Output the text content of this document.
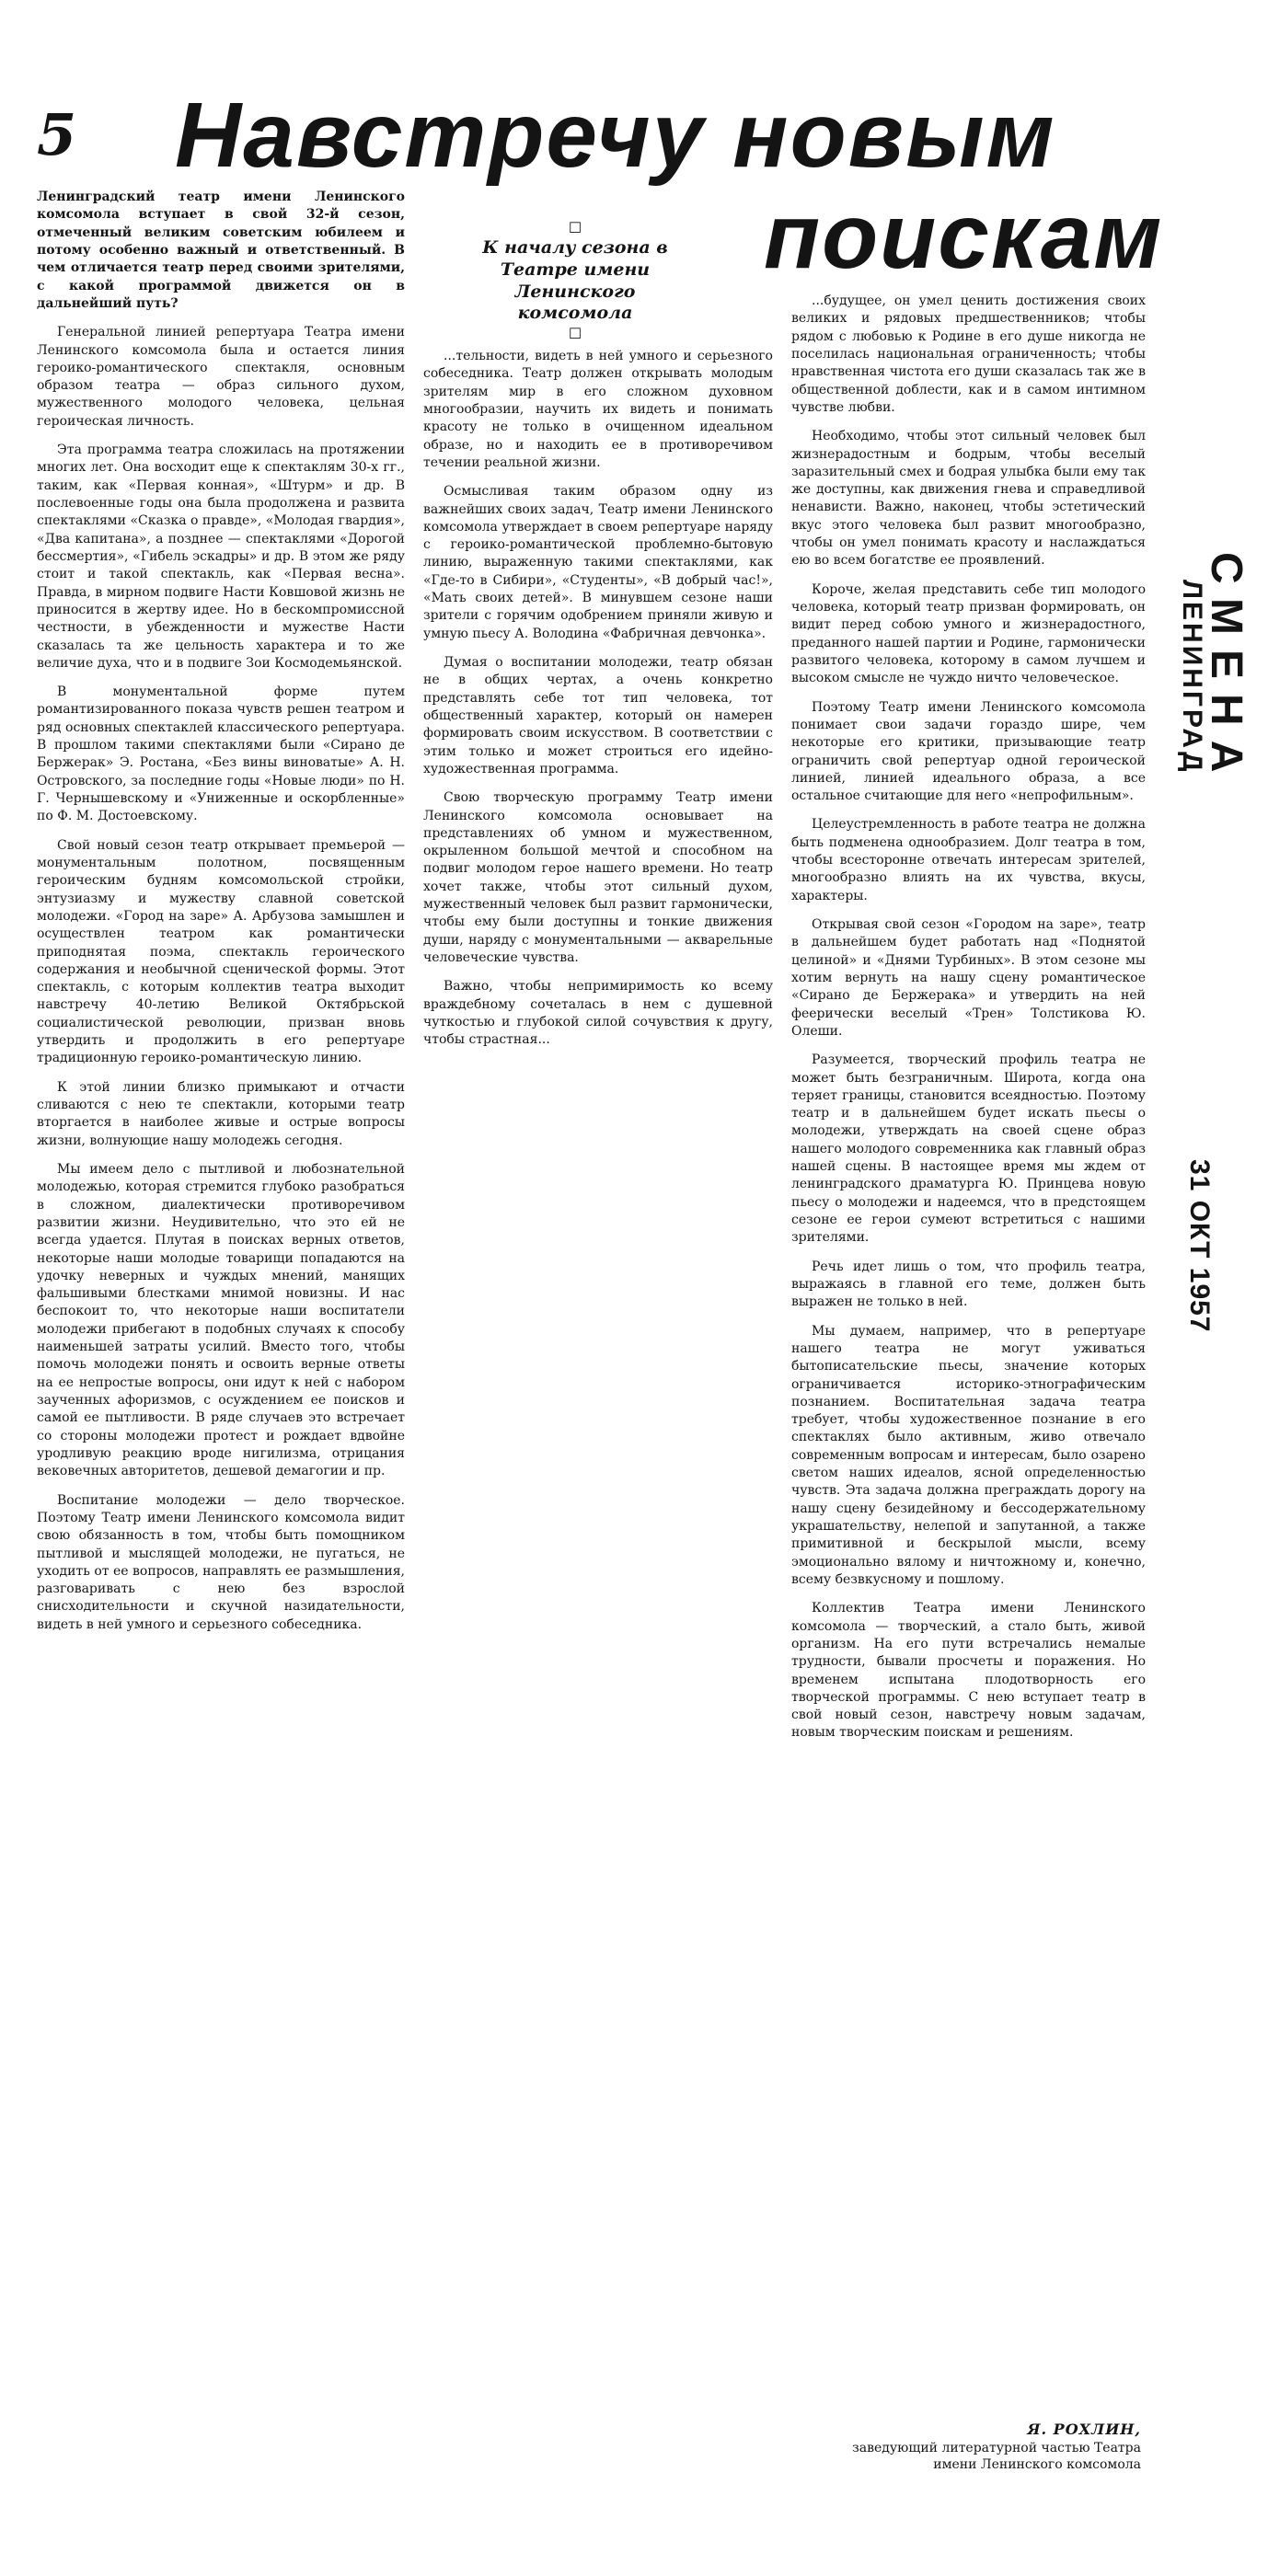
5 Навстречу новым
поискам
☐
К началу сезона в Театре имени Ленинского комсомола
☐

Ленинградский театр имени Ленинского комсомола вступает в свой 32-й сезон, отмеченный великим советским юбилеем и потому особенно важный и ответственный. В чем отличается театр перед своими зрителями, с какой программой движется он в дальнейший путь?

Генеральной линией репертуара Театра имени Ленинского комсомола была и остается линия героико-романтического спектакля, основным образом театра — образ сильного духом, мужественного молодого человека, цельная героическая личность.

Эта программа театра сложилась на протяжении многих лет. Она восходит еще к спектаклям 30-х гг., таким, как «Первая конная», «Штурм» и др. В послевоенные годы она была продолжена и развита спектаклями «Сказка о правде», «Молодая гвардия», «Два капитана», а позднее — спектаклями «Дорогой бессмертия», «Гибель эскадры» и др. В этом же ряду стоит и такой спектакль, как «Первая весна». Правда, в мирном подвиге Насти Ковшовой жизнь не приносится в жертву идее. Но в бескомпромиссной честности, в убежденности и мужестве Насти сказалась та же цельность характера и то же величие духа, что и в подвиге Зои Космодемьянской.

В монументальной форме путем романтизированного показа чувств решен театром и ряд основных спектаклей классического репертуара. В прошлом такими спектаклями были «Сирано де Бержерак» Э. Ростана, «Без вины виноватые» А. Н. Островского, за последние годы «Новые люди» по Н. Г. Чернышевскому и «Униженные и оскорбленные» по Ф. М. Достоевскому.

Свой новый сезон театр открывает премьерой — монументальным полотном, посвященным героическим будням комсомольской стройки, энтузиазму и мужеству славной советской молодежи. «Город на заре» А. Арбузова замышлен и осуществлен театром как романтически приподнятая поэма, спектакль героического содержания и необычной сценической формы. Этот спектакль, с которым коллектив театра выходит навстречу 40-летию Великой Октябрьской социалистической революции, призван вновь утвердить и продолжить в его репертуаре традиционную героико-романтическую линию.

К этой линии близко примыкают и отчасти сливаются с нею те спектакли, которыми театр вторгается в наиболее живые и острые вопросы жизни, волнующие нашу молодежь сегодня.

Мы имеем дело с пытливой и любознательной молодежью, которая стремится глубоко разобраться в сложном, диалектически противоречивом развитии жизни. Неудивительно, что это ей не всегда удается. Плутая в поисках верных ответов, некоторые наши молодые товарищи попадаются на удочку неверных и чуждых мнений, манящих фальшивыми блестками мнимой новизны. И нас беспокоит то, что некоторые наши воспитатели молодежи прибегают в подобных случаях к способу наименьшей затраты усилий. Вместо того, чтобы помочь молодежи понять и освоить верные ответы на ее непростые вопросы, они идут к ней с набором заученных афоризмов, с осуждением ее поисков и самой ее пытливости. В ряде случаев это встречает со стороны молодежи протест и рождает вдвойне уродливую реакцию вроде нигилизма, отрицания вековечных авторитетов, дешевой демагогии и пр.

Воспитание молодежи — дело творческое. Поэтому Театр имени Ленинского комсомола видит свою обязанность в том, чтобы быть помощником пытливой и мыслящей молодежи, не пугаться, не уходить от ее вопросов, направлять ее размышления, разговаривать с нею без взрослой снисходительности и скучной назидательности, видеть в ней умного и серьезного собеседника.

...тельности, видеть в ней умного и серьезного собеседника. Театр должен открывать молодым зрителям мир в его сложном духовном многообразии, научить их видеть и понимать красоту не только в очищенном идеальном образе, но и находить ее в противоречивом течении реальной жизни.

Осмысливая таким образом одну из важнейших своих задач, Театр имени Ленинского комсомола утверждает в своем репертуаре наряду с героико-романтической проблемно-бытовую линию, выраженную такими спектаклями, как «Где-то в Сибири», «Студенты», «В добрый час!», «Мать своих детей». В минувшем сезоне наши зрители с горячим одобрением приняли живую и умную пьесу А. Володина «Фабричная девчонка».

Думая о воспитании молодежи, театр обязан не в общих чертах, а очень конкретно представлять себе тот тип человека, тот общественный характер, который он намерен формировать своим искусством. В соответствии с этим только и может строиться его идейно-художественная программа.

Свою творческую программу Театр имени Ленинского комсомола основывает на представлениях об умном и мужественном, окрыленном большой мечтой и способном на подвиг молодом герое нашего времени. Но театр хочет также, чтобы этот сильный духом, мужественный человек был развит гармонически, чтобы ему были доступны и тонкие движения души, наряду с монументальными — акварельные человеческие чувства.

Важно, чтобы непримиримость ко всему враждебному сочеталась в нем с душевной чуткостью и глубокой силой сочувствия к другу, чтобы страстная...

...будущее, он умел ценить достижения своих великих и рядовых предшественников; чтобы рядом с любовью к Родине в его душе никогда не поселилась национальная ограниченность; чтобы нравственная чистота его души сказалась так же в общественной доблести, как и в самом интимном чувстве любви.

Необходимо, чтобы этот сильный человек был жизнерадостным и бодрым, чтобы веселый заразительный смех и бодрая улыбка были ему так же доступны, как движения гнева и справедливой ненависти. Важно, наконец, чтобы эстетический вкус этого человека был развит многообразно, чтобы он умел понимать красоту и наслаждаться ею во всем богатстве ее проявлений.

Короче, желая представить себе тип молодого человека, который театр призван формировать, он видит перед собою умного и жизнерадостного, преданного нашей партии и Родине, гармонически развитого человека, которому в самом лучшем и высоком смысле не чуждо ничто человеческое.

Поэтому Театр имени Ленинского комсомола понимает свои задачи гораздо шире, чем некоторые его критики, призывающие театр ограничить свой репертуар одной героической линией, линией идеального образа, а все остальное считающие для него «непрофильным».

Целеустремленность в работе театра не должна быть подменена однообразием. Долг театра в том, чтобы всесторонне отвечать интересам зрителей, многообразно влиять на их чувства, вкусы, характеры.

Открывая свой сезон «Городом на заре», театр в дальнейшем будет работать над «Поднятой целиной» и «Днями Турбиных». В этом сезоне мы хотим вернуть на нашу сцену романтическое «Сирано де Бержерака» и утвердить на ней феерически веселый «Трен» Толстикова Ю. Олеши.

Разумеется, творческий профиль театра не может быть безграничным. Широта, когда она теряет границы, становится всеядностью. Поэтому театр и в дальнейшем будет искать пьесы о молодежи, утверждать на своей сцене образ нашего молодого современника как главный образ нашей сцены. В настоящее время мы ждем от ленинградского драматурга Ю. Принцева новую пьесу о молодежи и надеемся, что в предстоящем сезоне ее герои сумеют встретиться с нашими зрителями.

Речь идет лишь о том, что профиль театра, выражаясь в главной его теме, должен быть выражен не только в ней.

Мы думаем, например, что в репертуаре нашего театра не могут уживаться бытописательские пьесы, значение которых ограничивается историко-этнографическим познанием. Воспитательная задача театра требует, чтобы художественное познание в его спектаклях было активным, живо отвечало современным вопросам и интересам, было озарено светом наших идеалов, ясной определенностью чувств. Эта задача должна преграждать дорогу на нашу сцену безидейному и бессодержательному украшательству, нелепой и запутанной, а также примитивной и бескрылой мысли, всему эмоционально вялому и ничтожному и, конечно, всему безвкусному и пошлому.

Коллектив Театра имени Ленинского комсомола — творческий, а стало быть, живой организм. На его пути встречались немалые трудности, бывали просчеты и поражения. Но временем испытана плодотворность его творческой программы. С нею вступает театр в свой новый сезон, навстречу новым задачам, новым творческим поискам и решениям.

Я. РОХЛИН,
заведующий литературной частью Театра имени Ленинского комсомола
СМЕНА
ЛЕНИНГРАД
31 ОКТ 1957
